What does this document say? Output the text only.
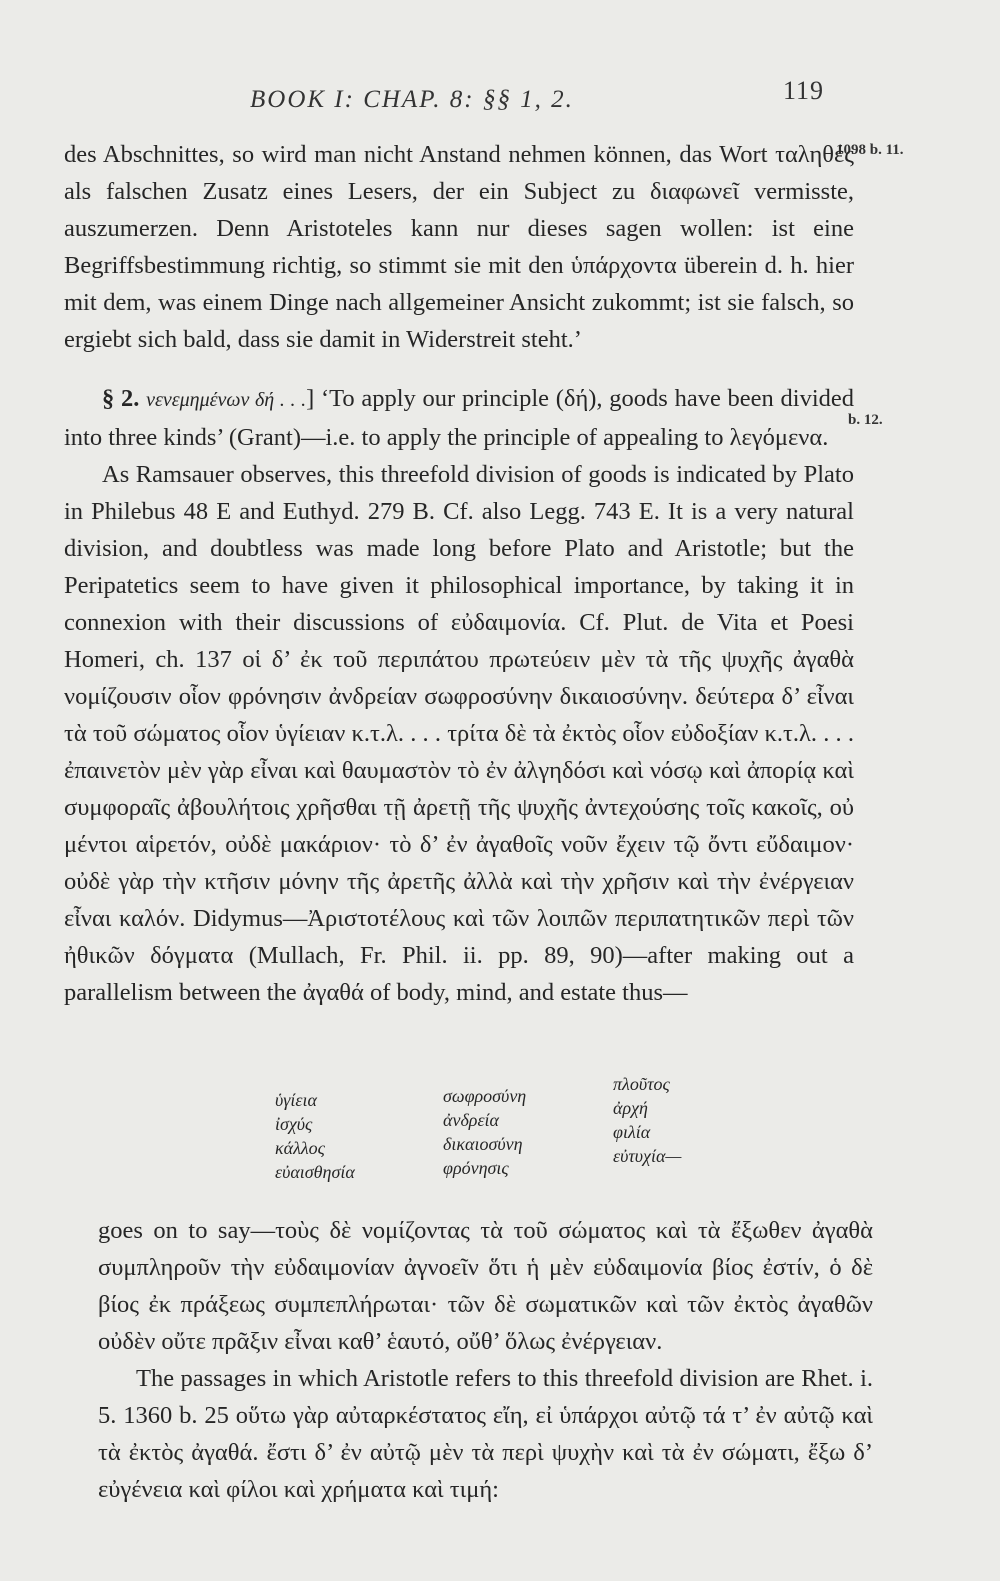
BOOK I: CHAP. 8: §§ 1, 2.	119
1098 b. 11.
b. 12.

des Abschnittes, so wird man nicht Anstand nehmen können, das Wort ταληθές als falschen Zusatz eines Lesers, der ein Subject zu διαφωνεῖ vermisste, auszumerzen. Denn Aristoteles kann nur dieses sagen wollen: ist eine Begriffsbestimmung richtig, so stimmt sie mit den ὑπάρχοντα überein d. h. hier mit dem, was einem Dinge nach allgemeiner Ansicht zukommt; ist sie falsch, so ergiebt sich bald, dass sie damit in Widerstreit steht.’

§ 2. νενεμημένων δή . . .] ‘To apply our principle (δή), goods have been divided into three kinds’ (Grant)—i.e. to apply the principle of appealing to λεγόμενα.

As Ramsauer observes, this threefold division of goods is indicated by Plato in Philebus 48 E and Euthyd. 279 B. Cf. also Legg. 743 E. It is a very natural division, and doubtless was made long before Plato and Aristotle; but the Peripatetics seem to have given it philosophical importance, by taking it in connexion with their discussions of εὐδαιμονία. Cf. Plut. de Vita et Poesi Homeri, ch. 137 οἱ δ’ ἐκ τοῦ περιπάτου πρωτεύειν μὲν τὰ τῆς ψυχῆς ἀγαθὰ νομίζουσιν οἷον φρόνησιν ἀνδρείαν σωφροσύνην δικαιοσύνην. δεύτερα δ’ εἶναι τὰ τοῦ σώματος οἷον ὑγίειαν κ.τ.λ. . . . τρίτα δὲ τὰ ἐκτὸς οἷον εὐδοξίαν κ.τ.λ. . . . ἐπαινετὸν μὲν γὰρ εἶναι καὶ θαυμαστὸν τὸ ἐν ἀλγηδόσι καὶ νόσῳ καὶ ἀπορίᾳ καὶ συμφοραῖς ἀβουλήτοις χρῆσθαι τῇ ἀρετῇ τῆς ψυχῆς ἀντεχούσης τοῖς κακοῖς, οὐ μέντοι αἱρετόν, οὐδὲ μακάριον· τὸ δ’ ἐν ἀγαθοῖς νοῦν ἔχειν τῷ ὄντι εὔδαιμον· οὐδὲ γὰρ τὴν κτῆσιν μόνην τῆς ἀρετῆς ἀλλὰ καὶ τὴν χρῆσιν καὶ τὴν ἐνέργειαν εἶναι καλόν. Didymus—Ἀριστοτέλους καὶ τῶν λοιπῶν περιπατητικῶν περὶ τῶν ἠθικῶν δόγματα (Mullach, Fr. Phil. ii. pp. 89, 90)—after making out a parallelism between the ἀγαθά of body, mind, and estate thus—

ὑγίεια
ἰσχύς
κάλλος
εὐαισθησία
σωφροσύνη
ἀνδρεία
δικαιοσύνη
φρόνησις
πλοῦτος
ἀρχή
φιλία
εὐτυχία—

goes on to say—τοὺς δὲ νομίζοντας τὰ τοῦ σώματος καὶ τὰ ἔξωθεν ἀγαθὰ συμπληροῦν τὴν εὐδαιμονίαν ἀγνοεῖν ὅτι ἡ μὲν εὐδαιμονία βίος ἐστίν, ὁ δὲ βίος ἐκ πράξεως συμπεπλήρωται· τῶν δὲ σωματικῶν καὶ τῶν ἐκτὸς ἀγαθῶν οὐδὲν οὔτε πρᾶξιν εἶναι καθ’ ἑαυτό, οὔθ’ ὅλως ἐνέργειαν.

The passages in which Aristotle refers to this threefold division are Rhet. i. 5. 1360 b. 25 οὕτω γὰρ αὐταρκέστατος εἴη, εἰ ὑπάρχοι αὐτῷ τά τ’ ἐν αὐτῷ καὶ τὰ ἐκτὸς ἀγαθά. ἔστι δ’ ἐν αὐτῷ μὲν τὰ περὶ ψυχὴν καὶ τὰ ἐν σώματι, ἔξω δ’ εὐγένεια καὶ φίλοι καὶ χρήματα καὶ τιμή:
